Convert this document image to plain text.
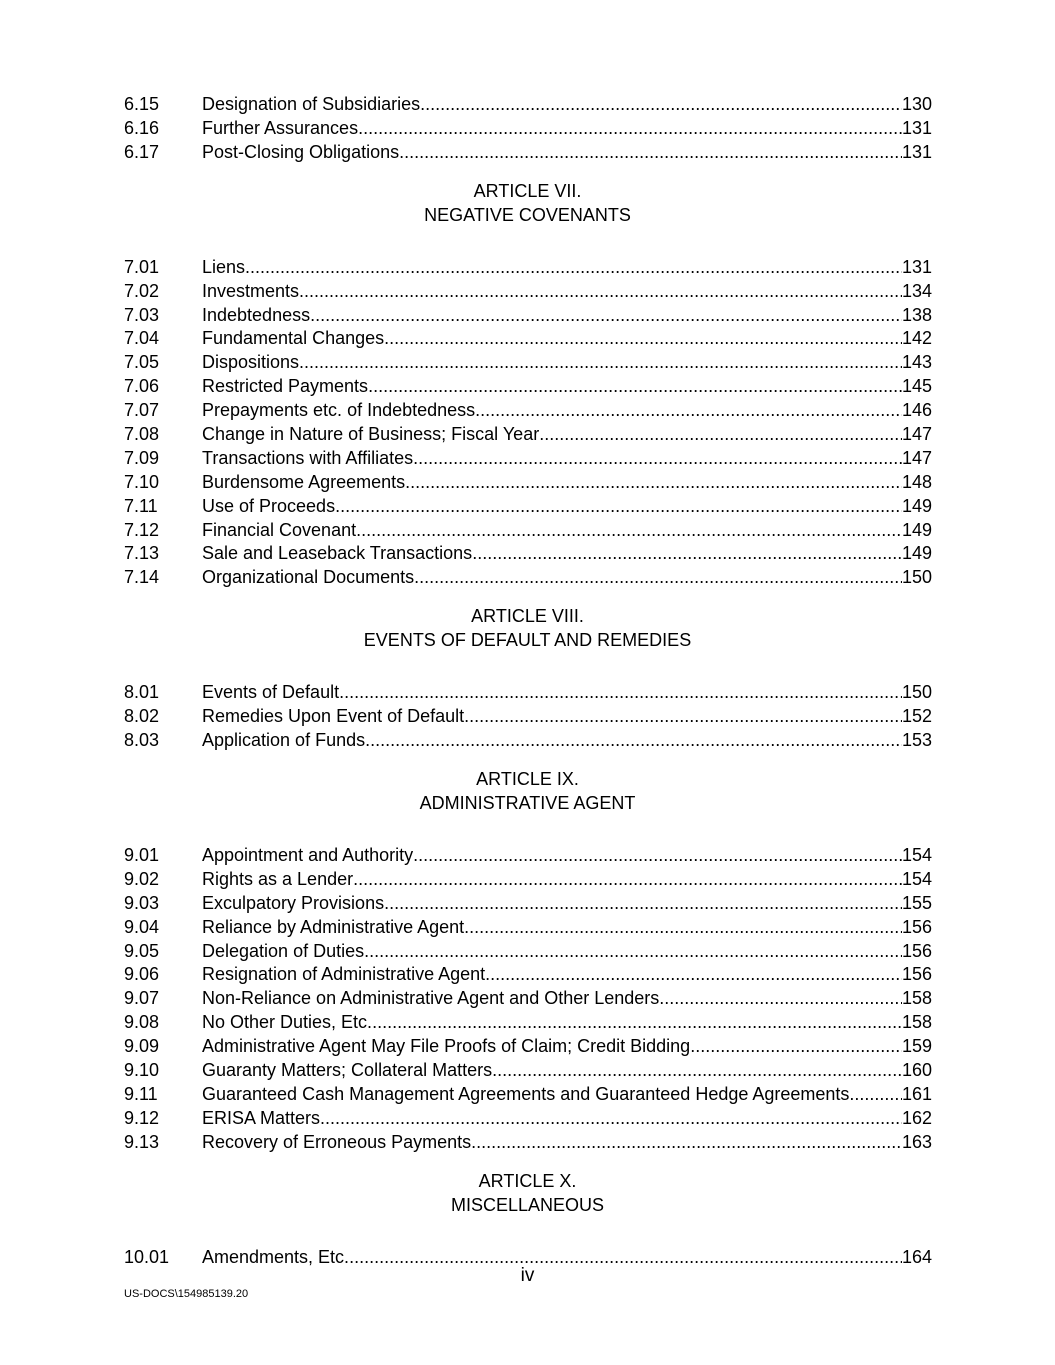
6.15 Designation of Subsidiaries .....	130
6.16 Further Assurances .....	131
6.17 Post-Closing Obligations .....	131
ARTICLE VII.
NEGATIVE COVENANTS
7.01 Liens .....	131
7.02 Investments .....	134
7.03 Indebtedness .....	138
7.04 Fundamental Changes .....	142
7.05 Dispositions .....	143
7.06 Restricted Payments .....	145
7.07 Prepayments etc. of Indebtedness .....	146
7.08 Change in Nature of Business; Fiscal Year .....	147
7.09 Transactions with Affiliates .....	147
7.10 Burdensome Agreements .....	148
7.11 Use of Proceeds .....	149
7.12 Financial Covenant. .....	149
7.13 Sale and Leaseback Transactions .....	149
7.14 Organizational Documents .....	150
ARTICLE VIII.
EVENTS OF DEFAULT AND REMEDIES
8.01 Events of Default .....	150
8.02 Remedies Upon Event of Default .....	152
8.03 Application of Funds .....	153
ARTICLE IX.
ADMINISTRATIVE AGENT
9.01 Appointment and Authority .....	154
9.02 Rights as a Lender .....	154
9.03 Exculpatory Provisions .....	155
9.04 Reliance by Administrative Agent .....	156
9.05 Delegation of Duties .....	156
9.06 Resignation of Administrative Agent .....	156
9.07 Non-Reliance on Administrative Agent and Other Lenders .....	158
9.08 No Other Duties, Etc. .....	158
9.09 Administrative Agent May File Proofs of Claim; Credit Bidding .....	159
9.10 Guaranty Matters; Collateral Matters .....	160
9.11 Guaranteed Cash Management Agreements and Guaranteed Hedge Agreements .....	161
9.12 ERISA Matters. .....	162
9.13 Recovery of Erroneous Payments. .....	163
ARTICLE X.
MISCELLANEOUS
10.01 Amendments, Etc. .....	164
iv
US-DOCS\154985139.20
